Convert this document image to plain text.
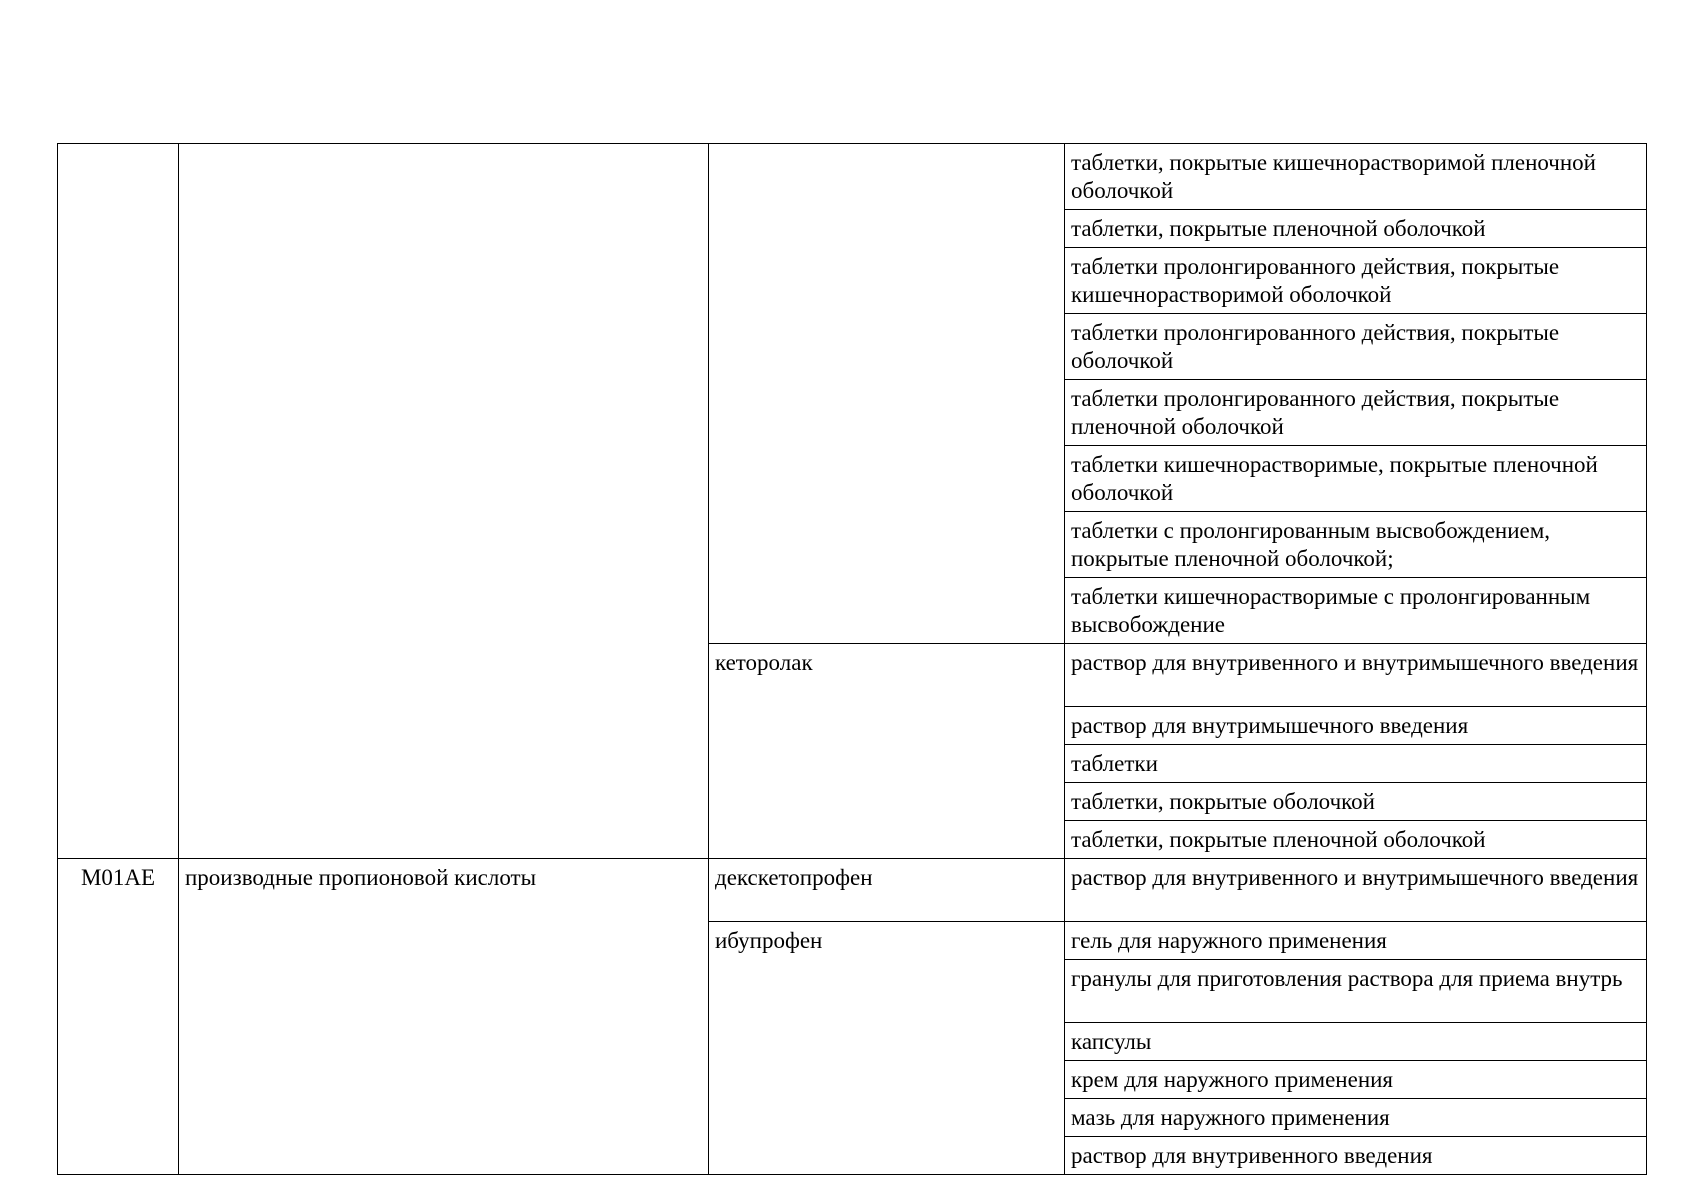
			таблетки, покрытые кишечнорастворимой пленочной оболочкой
			таблетки, покрытые пленочной оболочкой
			таблетки пролонгированного действия, покрытые кишечнорастворимой оболочкой
			таблетки пролонгированного действия, покрытые оболочкой
			таблетки пролонгированного действия, покрытые пленочной оболочкой
			таблетки кишечнорастворимые, покрытые пленочной оболочкой
			таблетки с пролонгированным высвобождением, покрытые пленочной оболочкой;
			таблетки кишечнорастворимые с пролонгированным высвобождение
		кеторолак	раствор для внутривенного и внутримышечного введения
			раствор для внутримышечного введения
			таблетки
			таблетки, покрытые оболочкой
			таблетки, покрытые пленочной оболочкой
M01AE	производные пропионовой кислоты	декскетопрофен	раствор для внутривенного и внутримышечного введения
		ибупрофен	гель для наружного применения
			гранулы для приготовления раствора для приема внутрь
			капсулы
			крем для наружного применения
			мазь для наружного применения
			раствор для внутривенного введения
